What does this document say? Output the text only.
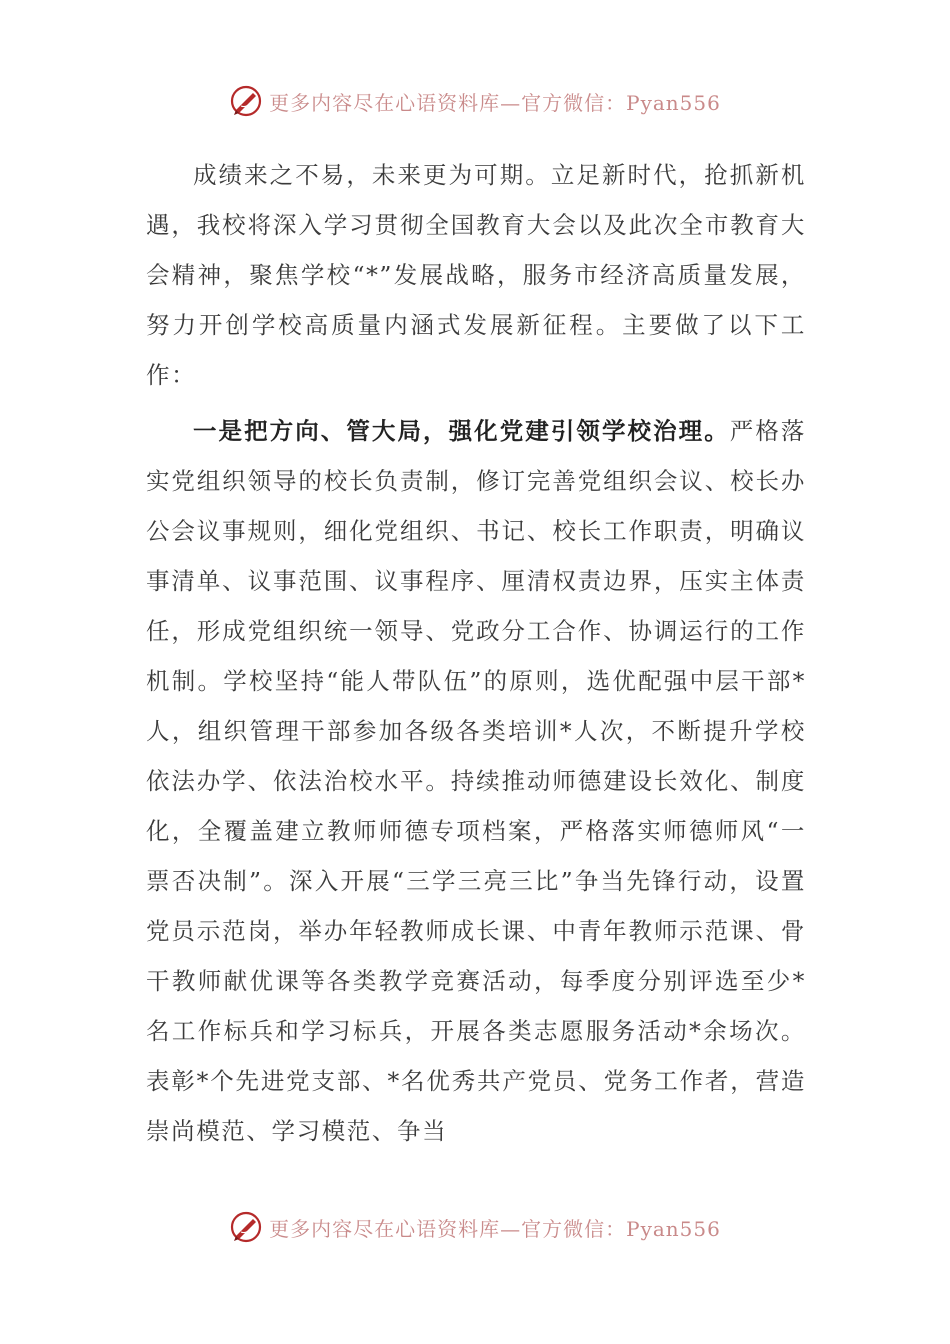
更多内容尽在心语资料库—官方微信：Pyan556

成绩来之不易，未来更为可期。立足新时代，抢抓新机遇，我校将深入学习贯彻全国教育大会以及此次全市教育大会精神，聚焦学校“*”发展战略，服务市经济高质量发展，努力开创学校高质量内涵式发展新征程。主要做了以下工作：

一是把方向、管大局，强化党建引领学校治理。严格落实党组织领导的校长负责制，修订完善党组织会议、校长办公会议事规则，细化党组织、书记、校长工作职责，明确议事清单、议事范围、议事程序、厘清权责边界，压实主体责任，形成党组织统一领导、党政分工合作、协调运行的工作机制。学校坚持“能人带队伍”的原则，选优配强中层干部*人，组织管理干部参加各级各类培训*人次，不断提升学校依法办学、依法治校水平。持续推动师德建设长效化、制度化，全覆盖建立教师师德专项档案，严格落实师德师风“一票否决制”。深入开展“三学三亮三比”争当先锋行动，设置党员示范岗，举办年轻教师成长课、中青年教师示范课、骨干教师献优课等各类教学竞赛活动，每季度分别评选至少*名工作标兵和学习标兵，开展各类志愿服务活动*余场次。表彰*个先进党支部、*名优秀共产党员、党务工作者，营造崇尚模范、学习模范、争当

更多内容尽在心语资料库—官方微信：Pyan556
